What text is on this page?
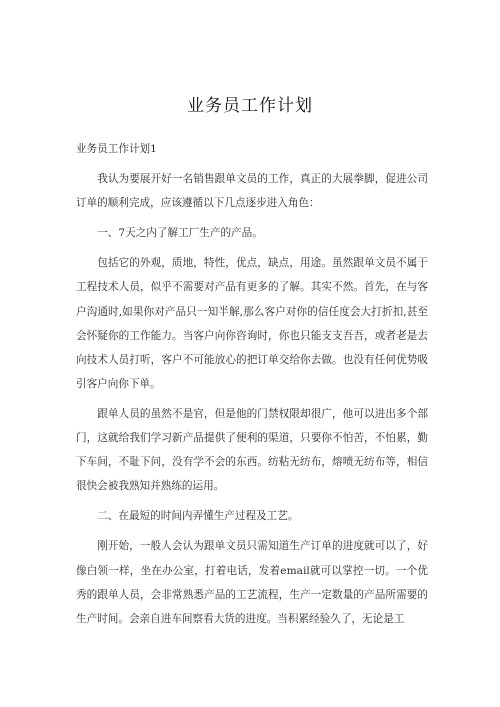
业务员工作计划

业务员工作计划1

我认为要展开好一名销售跟单文员的工作，真正的大展拳脚，促进公司订单的顺利完成，应该遵循以下几点逐步进入角色：

一、7天之内了解工厂生产的产品。

包括它的外观，质地，特性，优点，缺点，用途。虽然跟单文员不属于工程技术人员，似乎不需要对产品有更多的了解。其实不然。首先，在与客户沟通时,如果你对产品只一知半解,那么客户对你的信任度会大打折扣,甚至会怀疑你的工作能力。当客户向你咨询时，你也只能支支吾吾，或者老是去向技术人员打听，客户不可能放心的把订单交给你去做。也没有任何优势吸引客户向你下单。

跟单人员的虽然不是官，但是他的门禁权限却很广，他可以进出多个部门，这就给我们学习新产品提供了便利的渠道，只要你不怕苦，不怕累，勤下车间，不耻下问，没有学不会的东西。纺粘无纺布，熔喷无纺布等，相信很快会被我熟知并熟练的运用。

二、在最短的时间内弄懂生产过程及工艺。

刚开始，一般人会认为跟单文员只需知道生产订单的进度就可以了，好像白领一样，坐在办公室，打着电话，发着email就可以掌控一切。一个优秀的跟单人员，会非常熟悉产品的工艺流程，生产一定数量的产品所需要的生产时间。会亲自进车间察看大货的进度。当积累经验久了，无论是工
